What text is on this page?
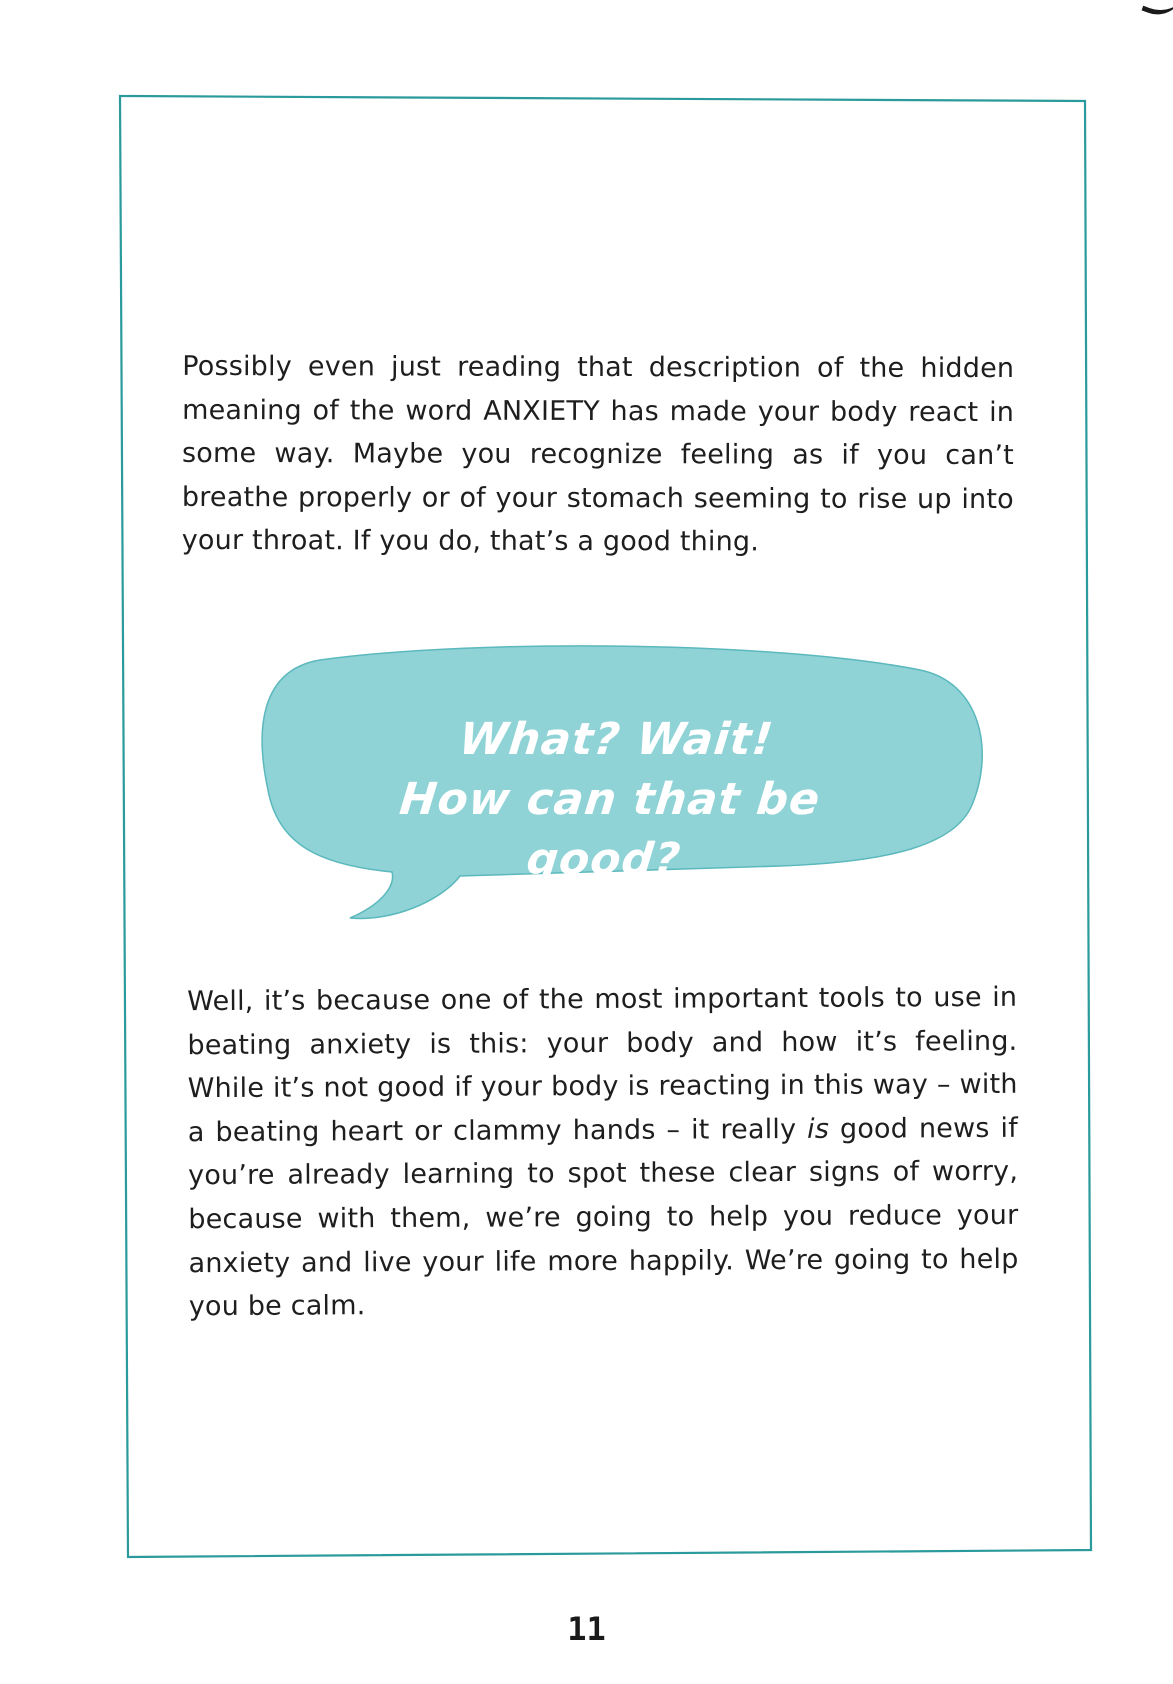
Possibly even just reading that description of the hidden meaning of the word ANXIETY has made your body react in some way. Maybe you recognize feeling as if you can’t breathe properly or of your stomach seeming to rise up into your throat. If you do, that’s a good thing.

What? Wait!
How can that be good?

Well, it’s because one of the most important tools to use in beating anxiety is this: your body and how it’s feeling. While it’s not good if your body is reacting in this way – with a beating heart or clammy hands – it really is good news if you’re already learning to spot these clear signs of worry, because with them, we’re going to help you reduce your anxiety and live your life more happily. We’re going to help you be calm.

11
